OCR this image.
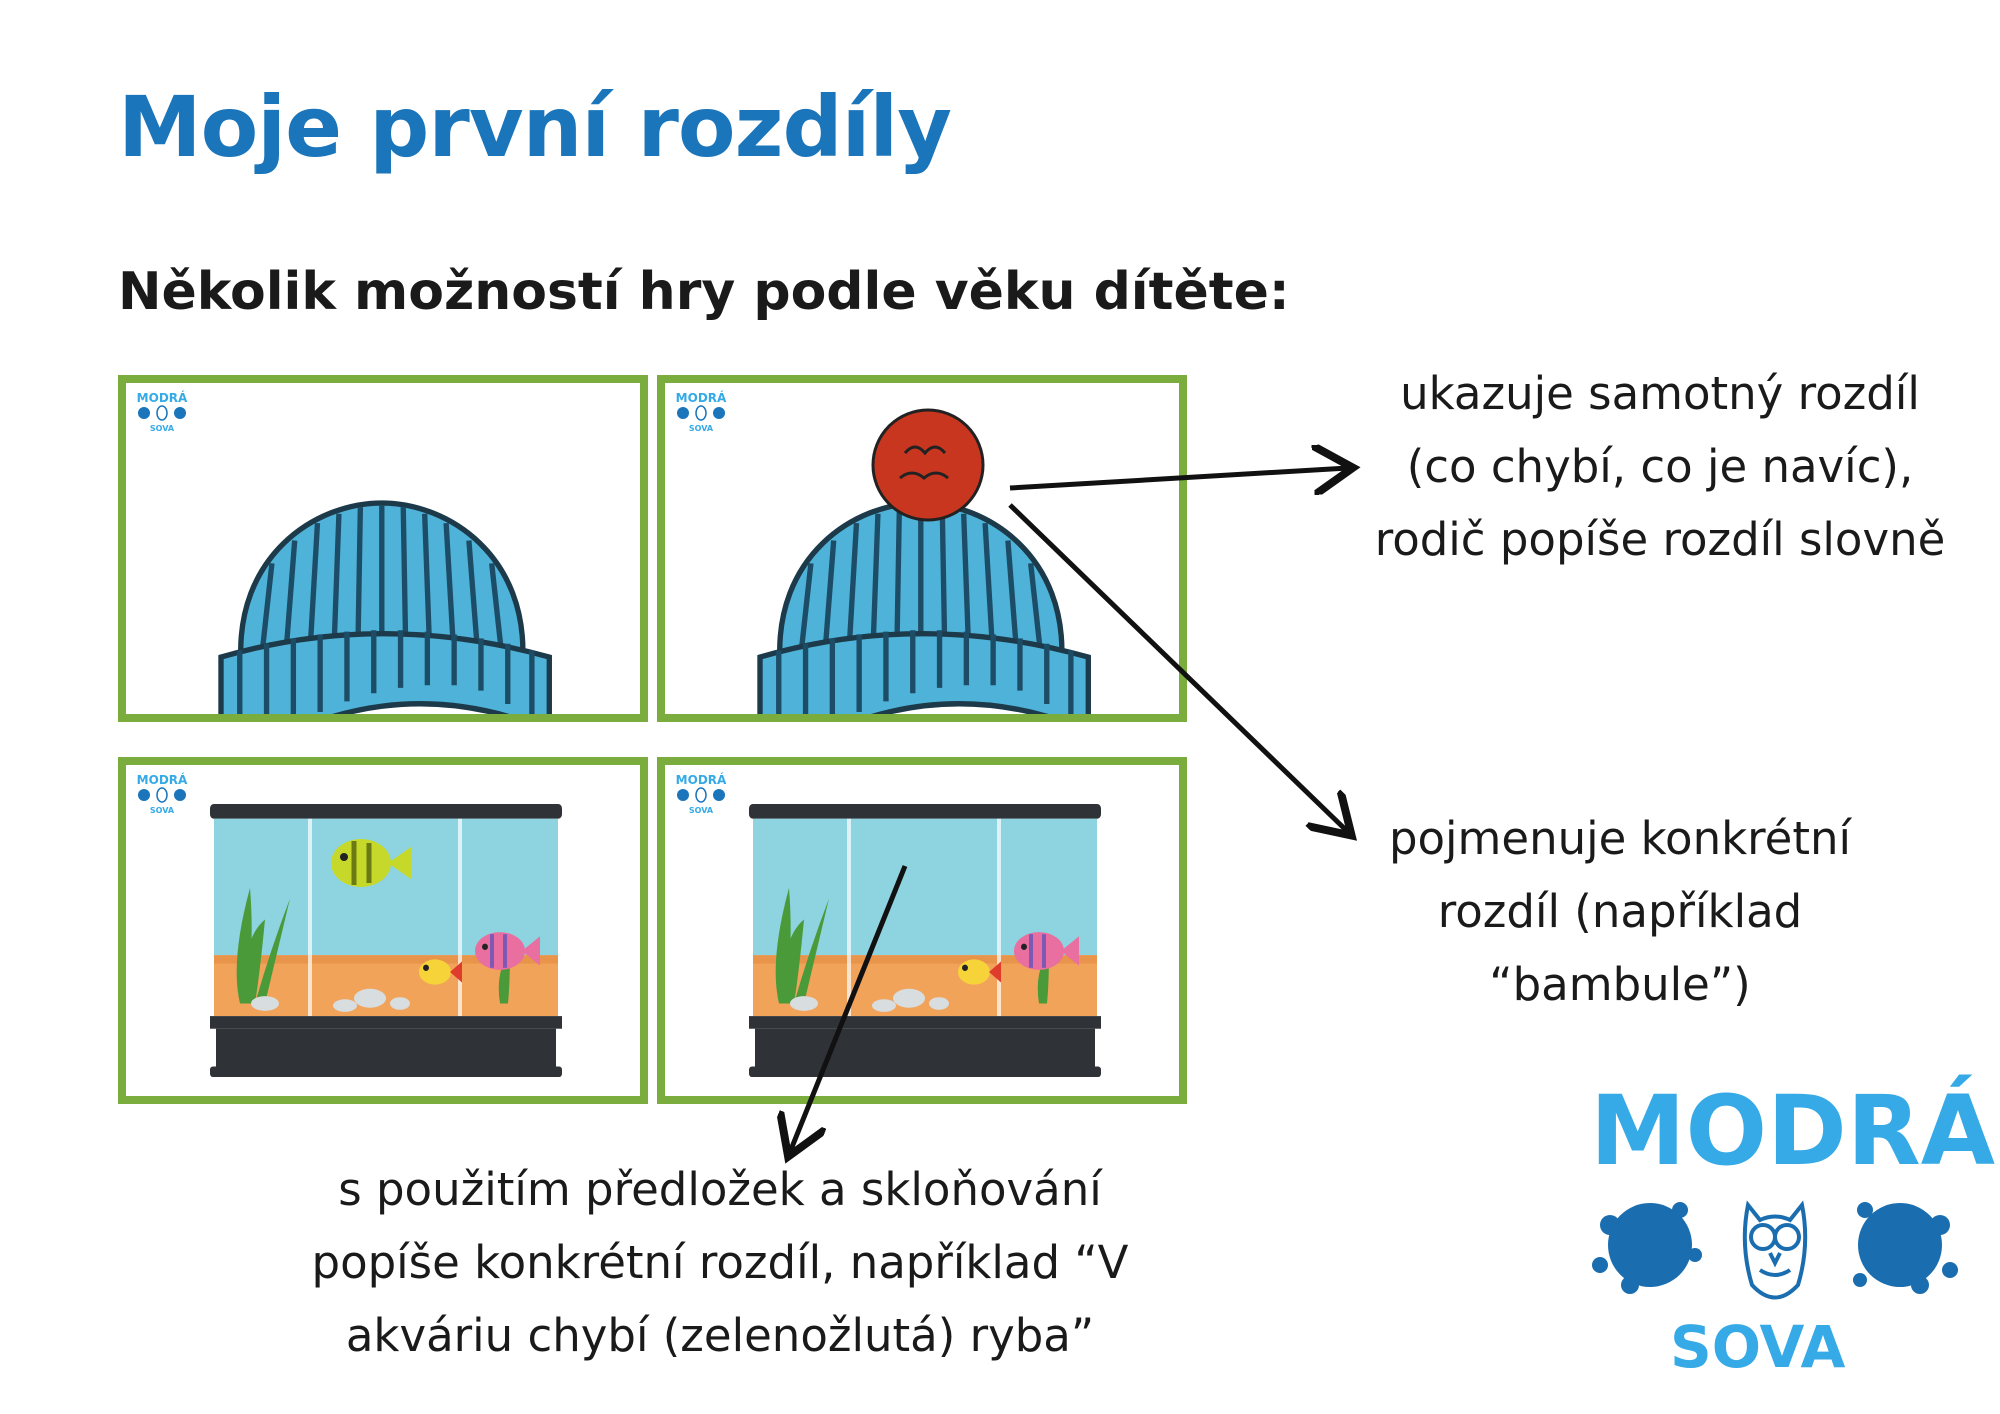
Moje první rozdíly
Několik možností hry podle věku dítěte:
ukazuje samotný rozdíl
(co chybí, co je navíc),
rodič popíše rozdíl slovně
pojmenuje konkrétní
rozdíl (například
“bambule”)
s použitím předložek a skloňování
popíše konkrétní rozdíl, například “V
akváriu chybí (zelenožlutá) ryba”
MODRÁ
SOVA
